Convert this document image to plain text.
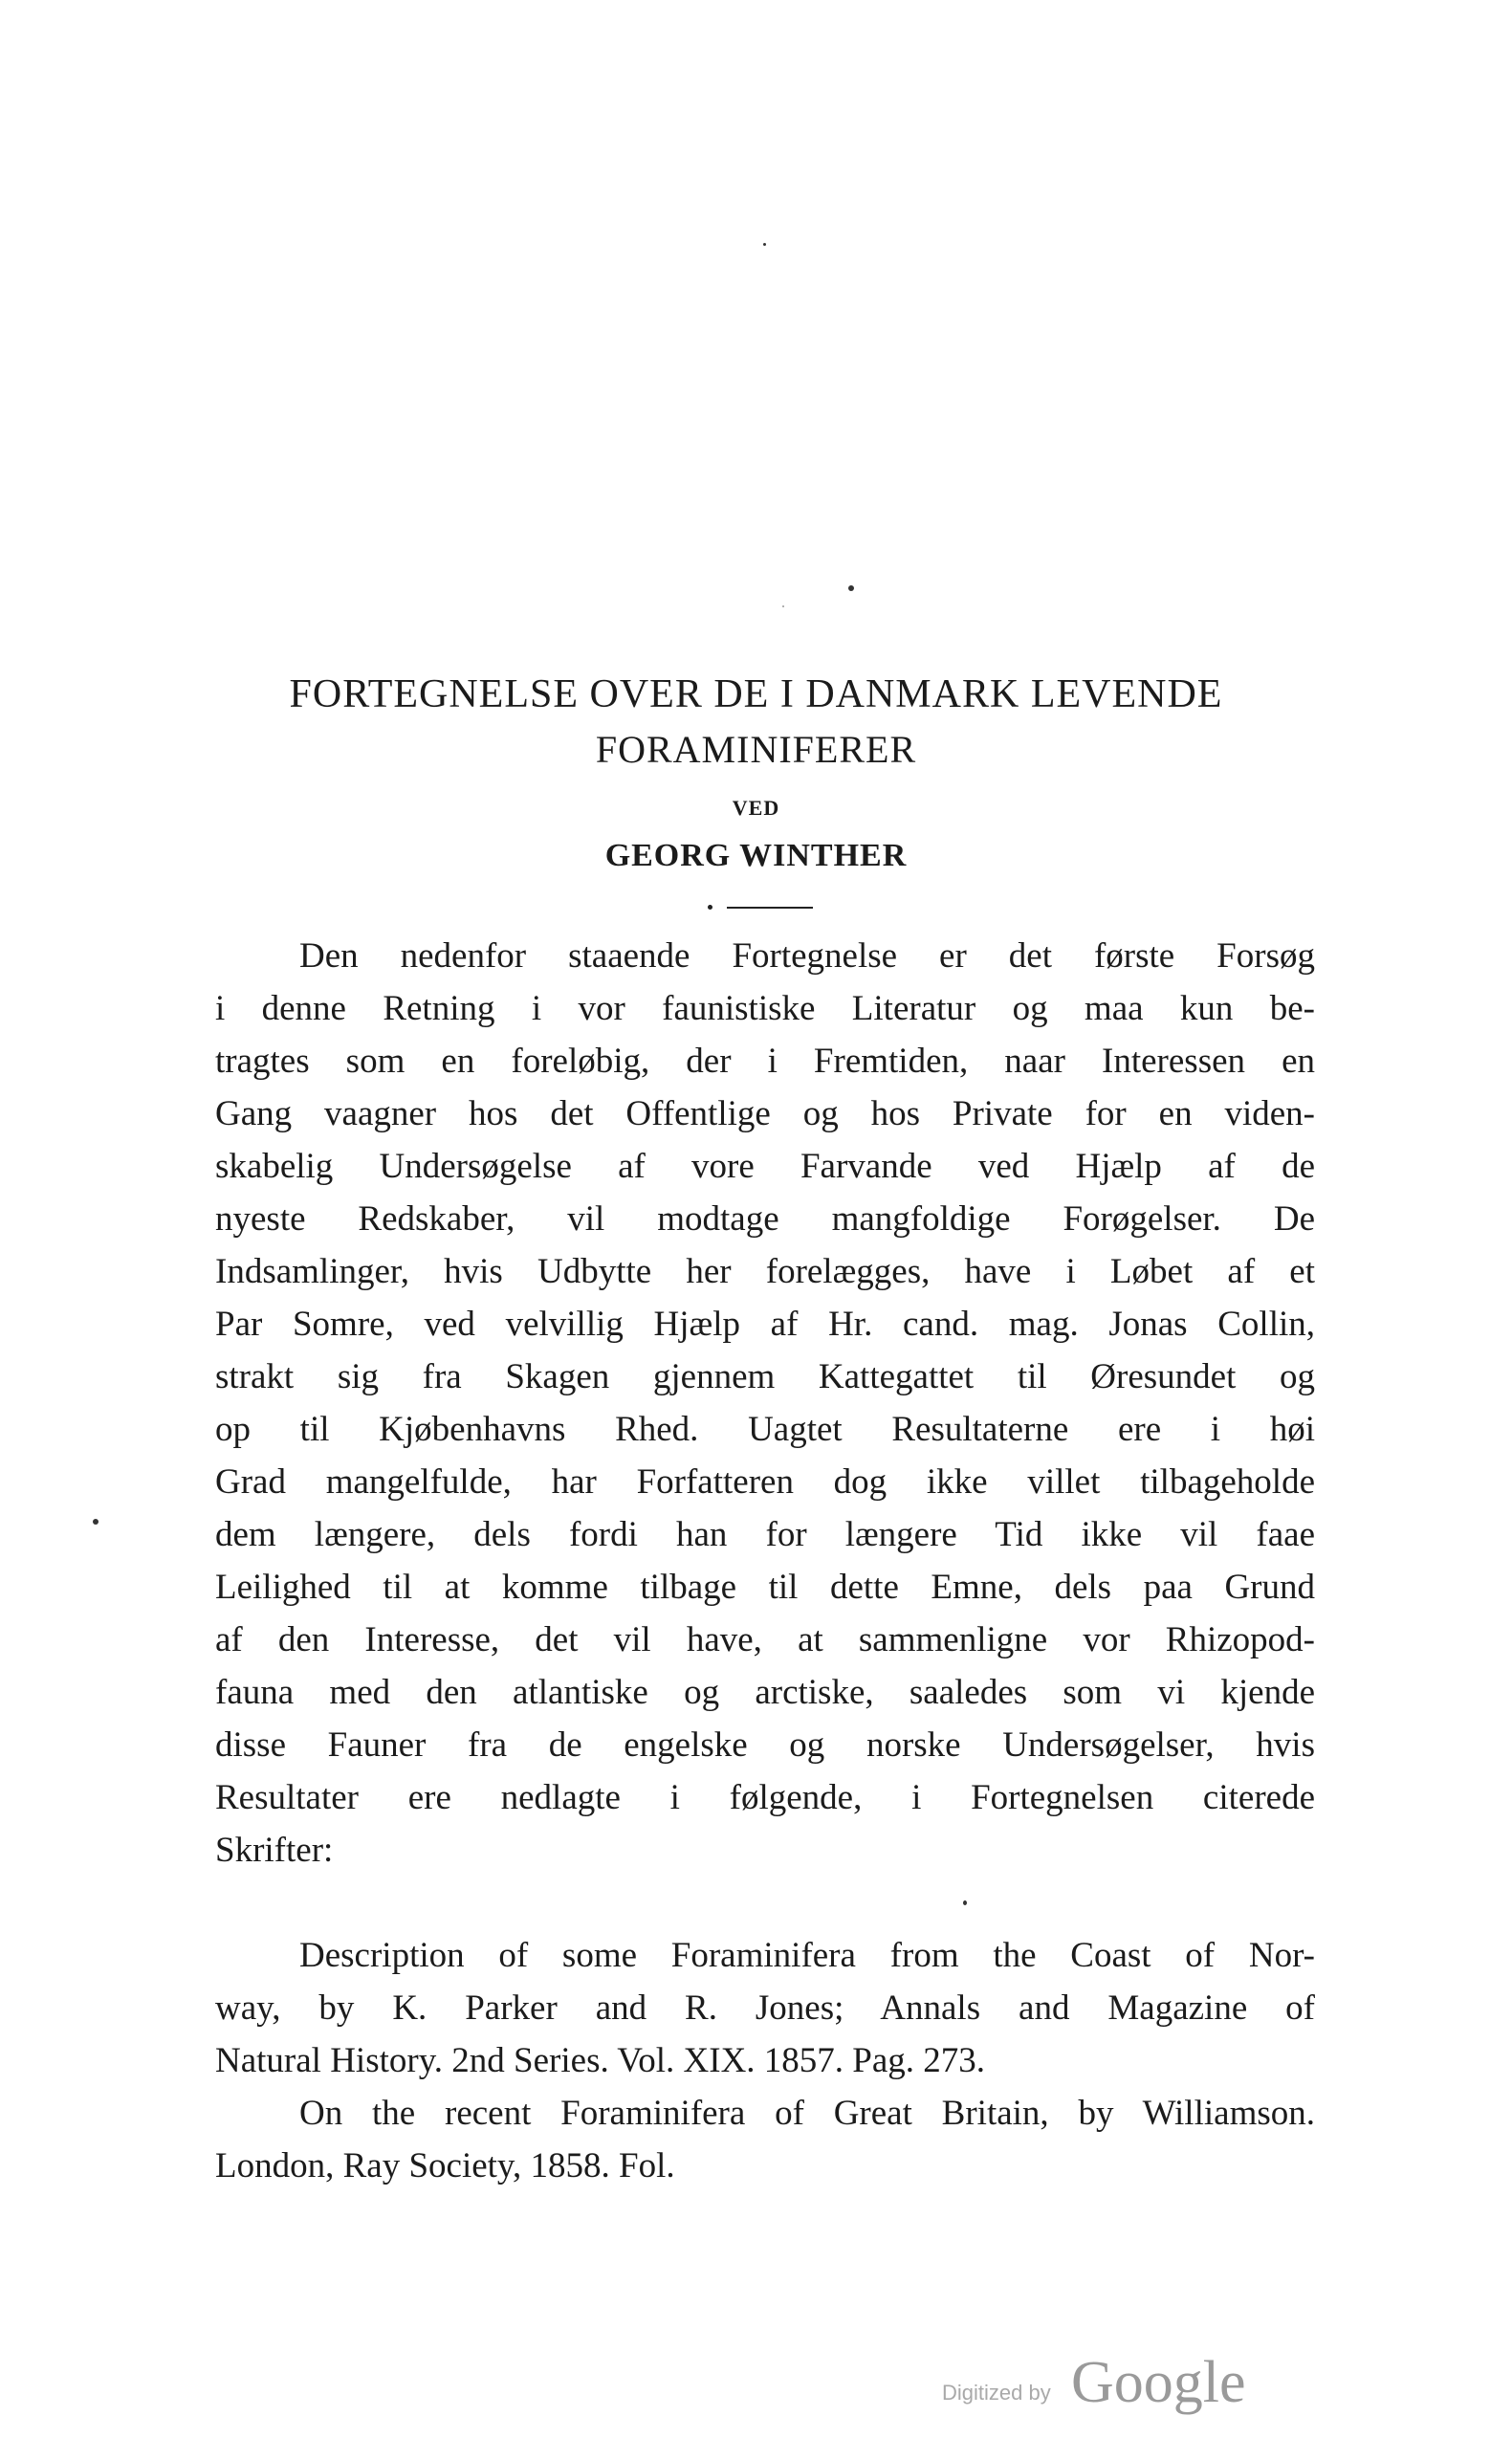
FORTEGNELSE OVER DE I DANMARK LEVENDE
FORAMINIFERER
VED
GEORG WINTHER
Den nedenfor staaende Fortegnelse er det første Forsøg
i denne Retning i vor faunistiske Literatur og maa kun be-
tragtes som en foreløbig, der i Fremtiden, naar Interessen en
Gang vaagner hos det Offentlige og hos Private for en viden-
skabelig Undersøgelse af vore Farvande ved Hjælp af de
nyeste Redskaber, vil modtage mangfoldige Forøgelser. De
Indsamlinger, hvis Udbytte her forelægges, have i Løbet af et
Par Somre, ved velvillig Hjælp af Hr. cand. mag. Jonas Collin,
strakt sig fra Skagen gjennem Kattegattet til Øresundet og
op til Kjøbenhavns Rhed. Uagtet Resultaterne ere i høi
Grad mangelfulde, har Forfatteren dog ikke villet tilbageholde
dem længere, dels fordi han for længere Tid ikke vil faae
Leilighed til at komme tilbage til dette Emne, dels paa Grund
af den Interesse, det vil have, at sammenligne vor Rhizopod-
fauna med den atlantiske og arctiske, saaledes som vi kjende
disse Fauner fra de engelske og norske Undersøgelser, hvis
Resultater ere nedlagte i følgende, i Fortegnelsen citerede
Skrifter:
Description of some Foraminifera from the Coast of Nor-
way, by K. Parker and R. Jones; Annals and Magazine of
Natural History. 2nd Series. Vol. XIX. 1857. Pag. 273.
On the recent Foraminifera of Great Britain, by Williamson.
London, Ray Society, 1858. Fol.
Digitized by Google
